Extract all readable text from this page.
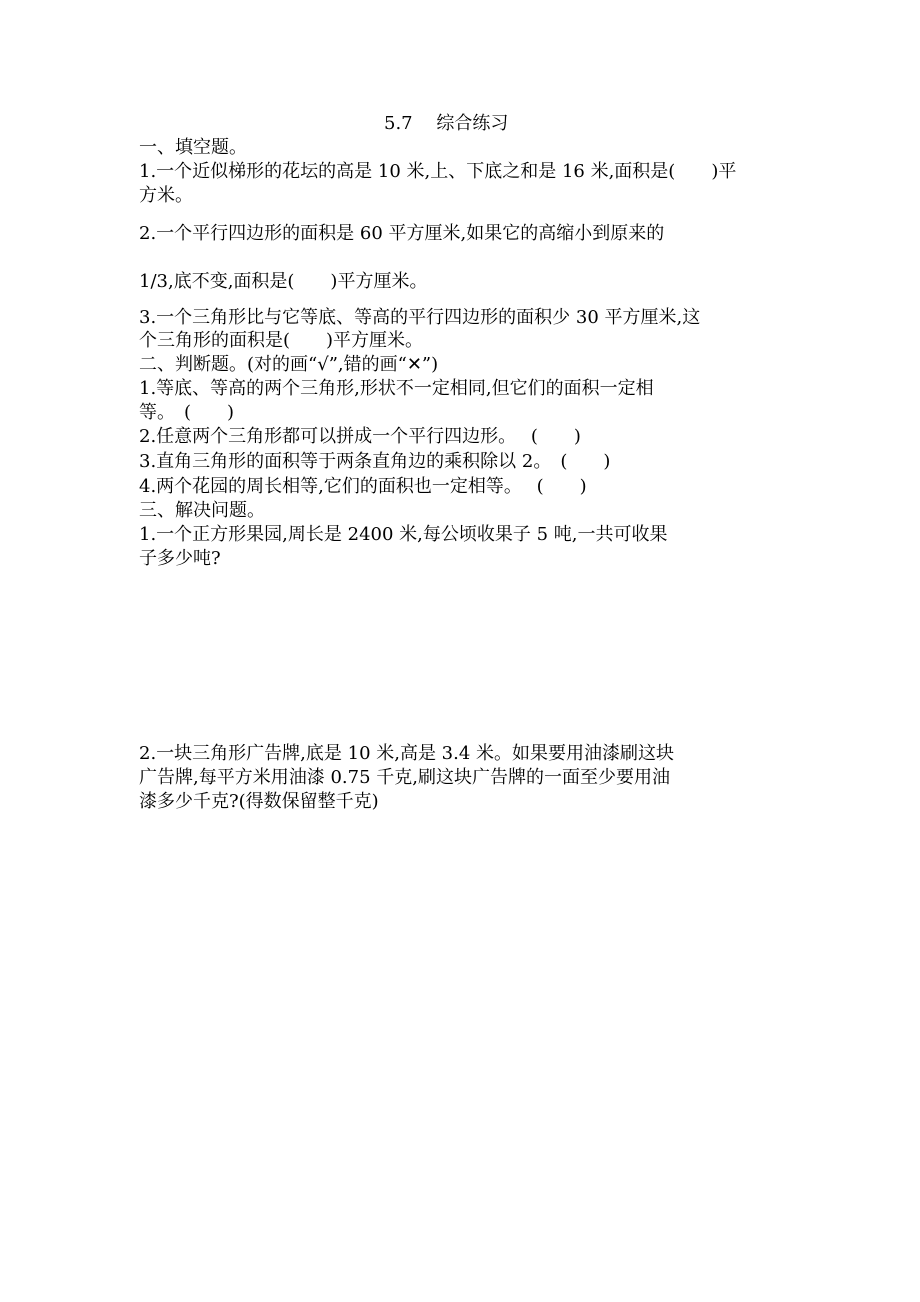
5.7　 综合练习

一、填空题。

1.一个近似梯形的花坛的高是 10 米,上、下底之和是 16 米,面积是(　　)平

方米。

2.一个平行四边形的面积是 60 平方厘米,如果它的高缩小到原来的

1/3,底不变,面积是(　　)平方厘米。

3.一个三角形比与它等底、等高的平行四边形的面积少 30 平方厘米,这

个三角形的面积是(　　)平方厘米。

二、判断题。(对的画“√”,错的画“✕”)

1.等底、等高的两个三角形,形状不一定相同,但它们的面积一定相

等。　(　　)

2.任意两个三角形都可以拼成一个平行四边形。　 (　　)

3.直角三角形的面积等于两条直角边的乘积除以 2。　(　　)

4.两个花园的周长相等,它们的面积也一定相等。　 (　　)

三、解决问题。

1.一个正方形果园,周长是 2400 米,每公顷收果子 5 吨,一共可收果

子多少吨?

2.一块三角形广告牌,底是 10 米,高是 3.4 米。如果要用油漆刷这块

广告牌,每平方米用油漆 0.75 千克,刷这块广告牌的一面至少要用油

漆多少千克?(得数保留整千克)
